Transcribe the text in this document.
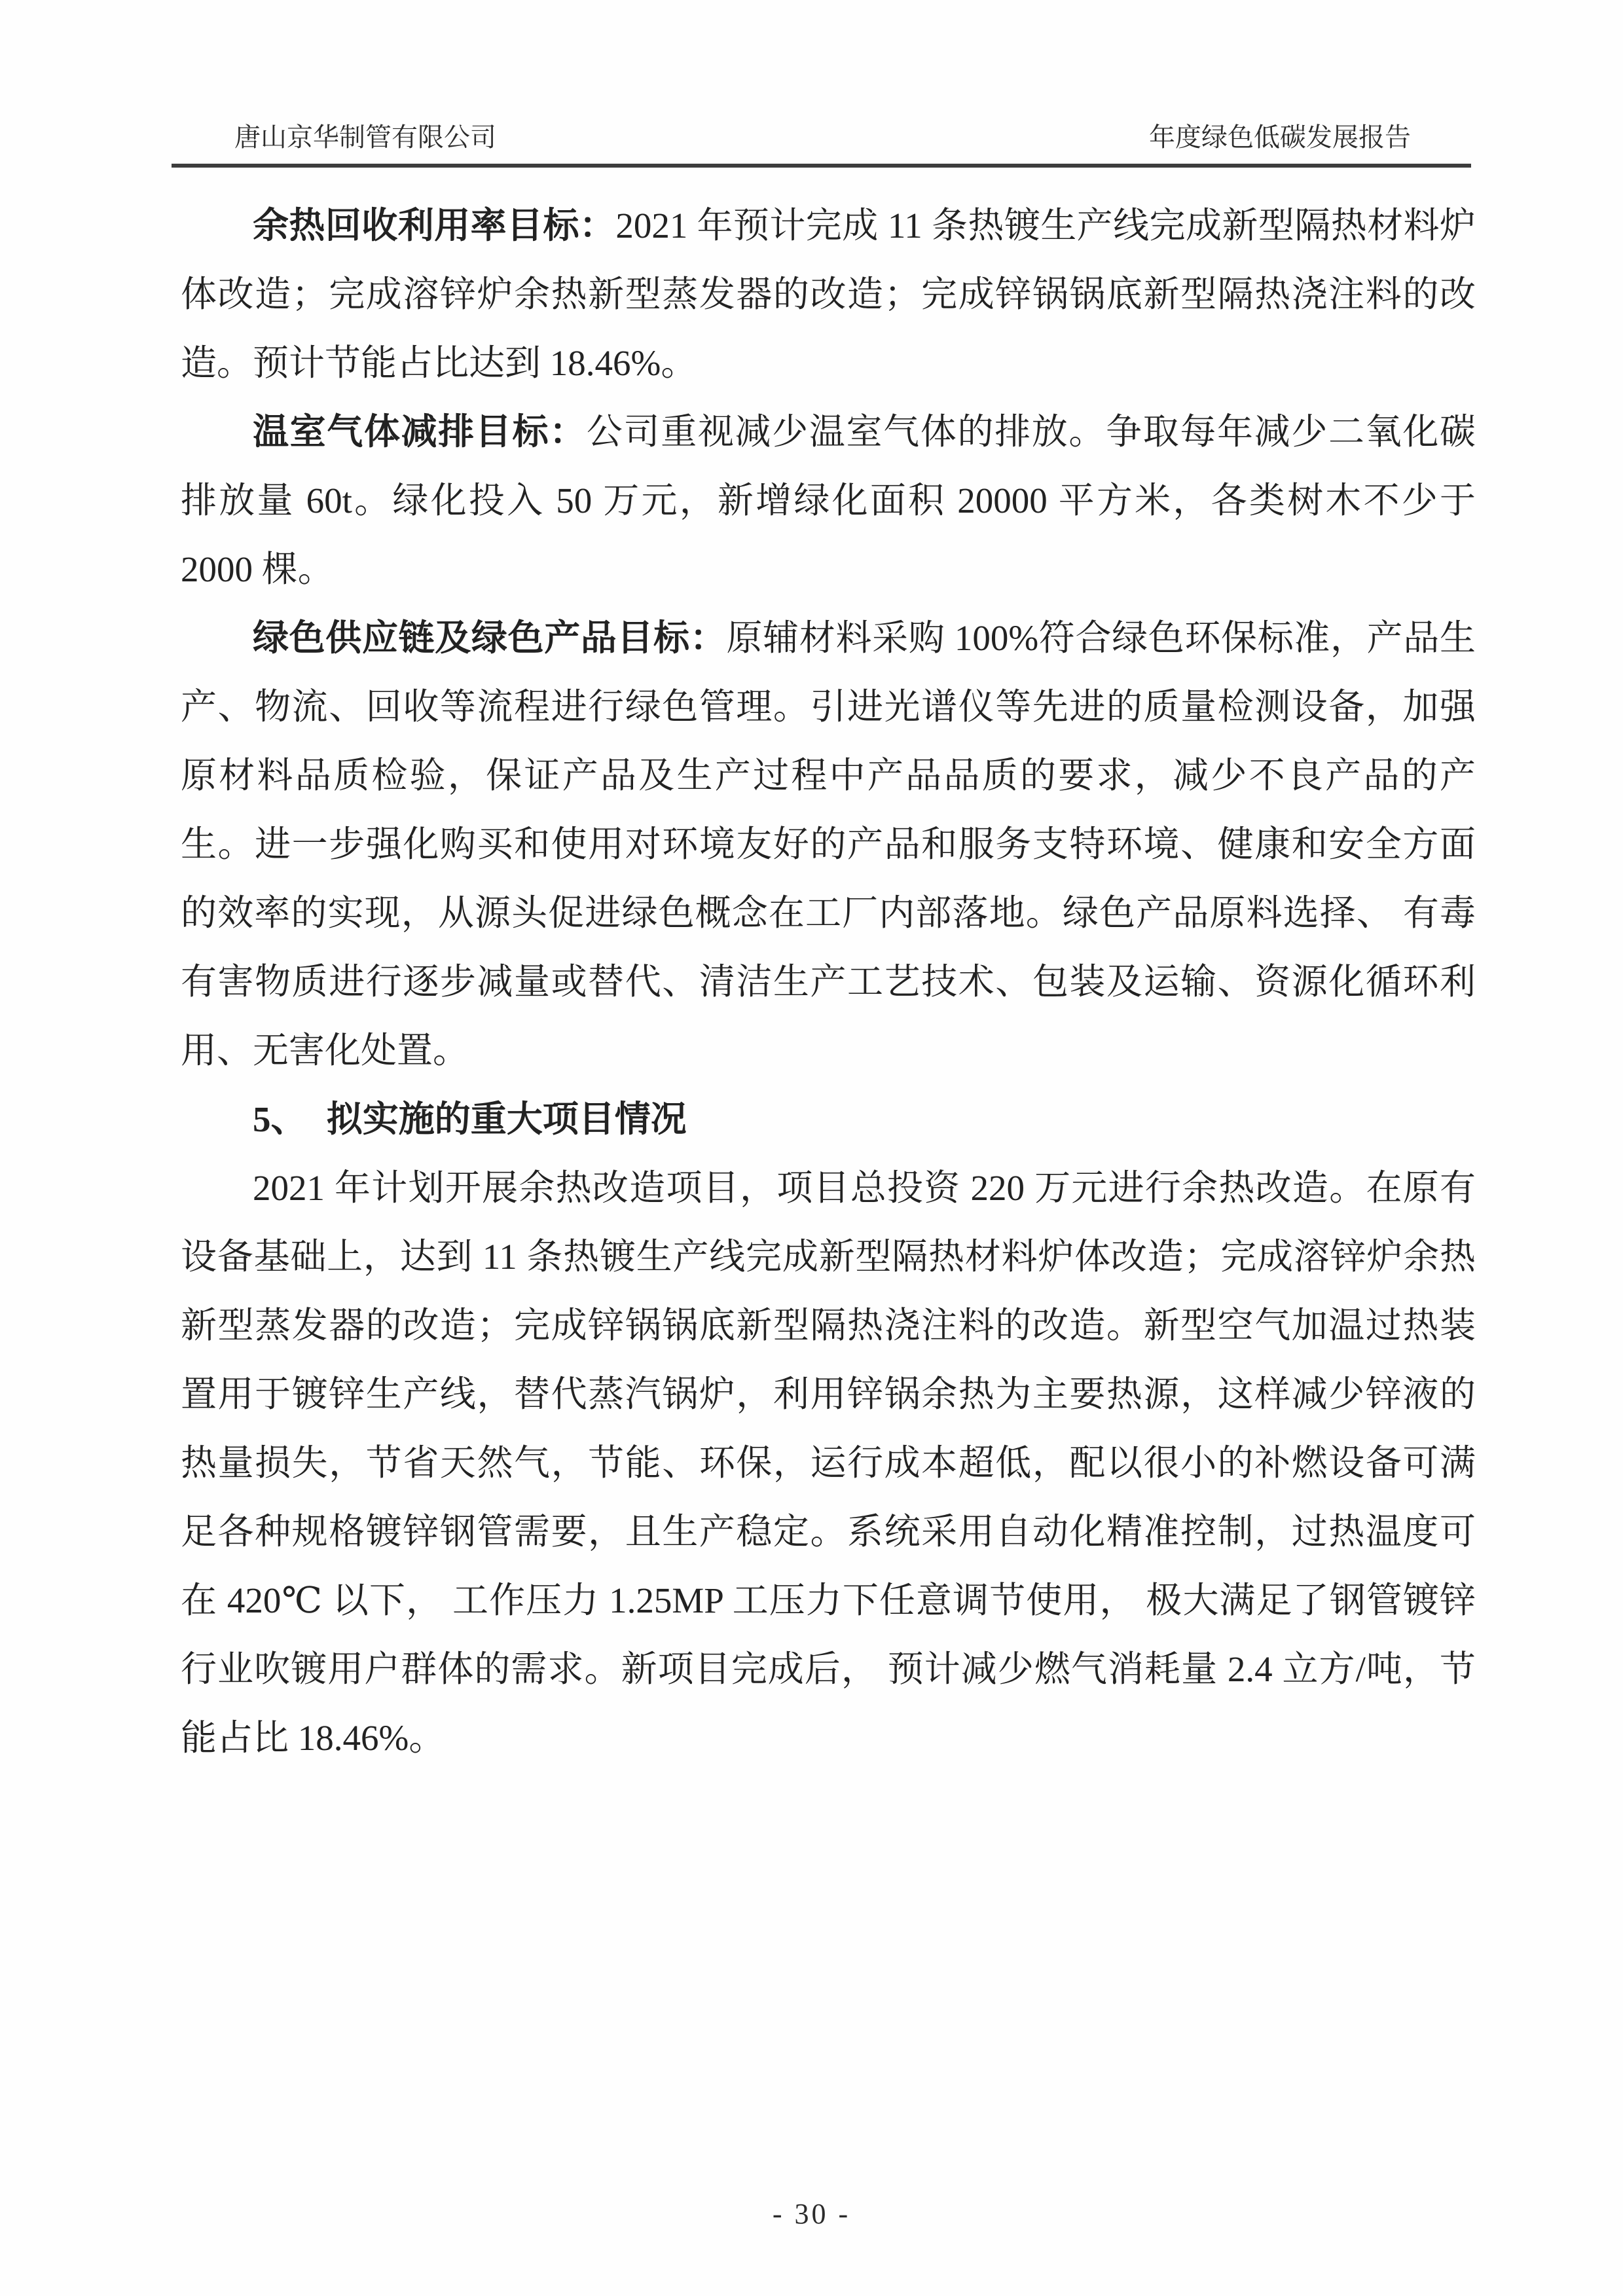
唐山京华制管有限公司	年度绿色低碳发展报告

余热回收利用率目标：2021 年预计完成 11 条热镀生产线完成新型隔热材料炉体改造；完成溶锌炉余热新型蒸发器的改造；完成锌锅锅底新型隔热浇注料的改造。预计节能占比达到 18.46%。

温室气体减排目标：公司重视减少温室气体的排放。争取每年减少二氧化碳排放量 60t。绿化投入 50 万元，新增绿化面积 20000 平方米，各类树木不少于 2000 棵。

绿色供应链及绿色产品目标：原辅材料采购 100%符合绿色环保标准，产品生产、物流、回收等流程进行绿色管理。引进光谱仪等先进的质量检测设备，加强原材料品质检验，保证产品及生产过程中产品品质的要求，减少不良产品的产生。进一步强化购买和使用对环境友好的产品和服务支特环境、健康和安全方面的效率的实现，从源头促进绿色概念在工厂内部落地。绿色产品原料选择、 有毒有害物质进行逐步减量或替代、清洁生产工艺技术、包装及运输、资源化循环利用、无害化处置。

5、 拟实施的重大项目情况

2021 年计划开展余热改造项目，项目总投资 220 万元进行余热改造。在原有设备基础上，达到 11 条热镀生产线完成新型隔热材料炉体改造；完成溶锌炉余热新型蒸发器的改造；完成锌锅锅底新型隔热浇注料的改造。新型空气加温过热装置用于镀锌生产线，替代蒸汽锅炉，利用锌锅余热为主要热源，这样减少锌液的热量损失，节省天然气，节能、环保，运行成本超低，配以很小的补燃设备可满足各种规格镀锌钢管需要，且生产稳定。系统采用自动化精准控制，过热温度可在 420℃ 以下， 工作压力 1.25MP 工压力下任意调节使用， 极大满足了钢管镀锌行业吹镀用户群体的需求。新项目完成后， 预计减少燃气消耗量 2.4 立方/吨，节能占比 18.46%。

- 30 -
